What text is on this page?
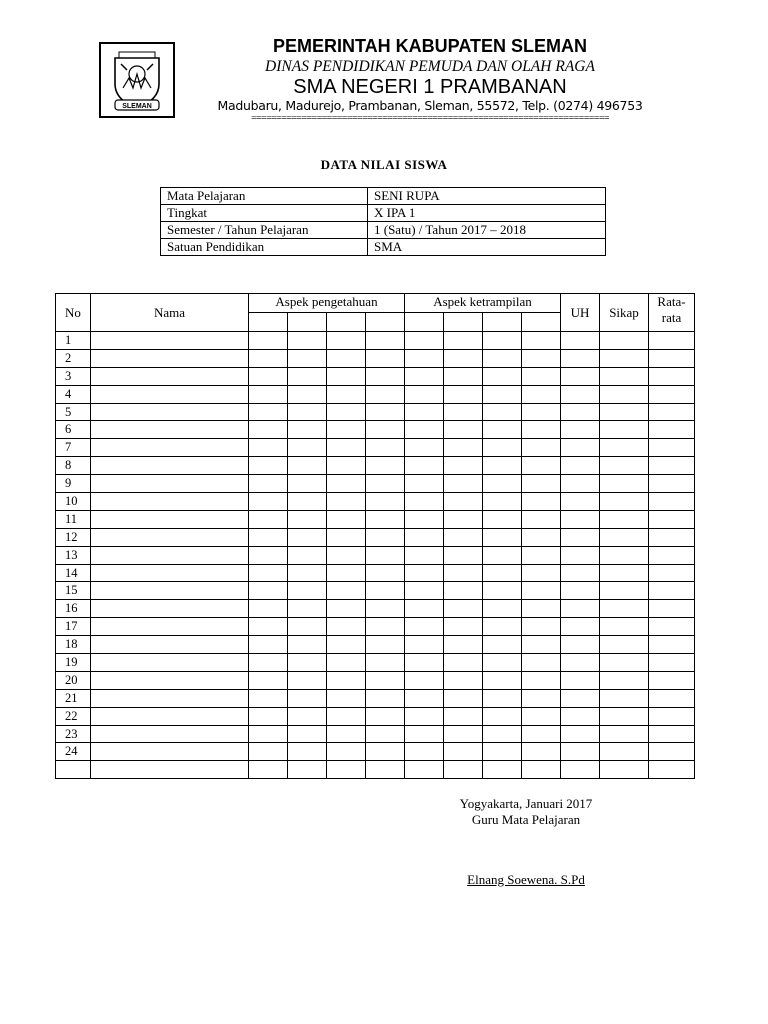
SLEMAN
PEMERINTAH KABUPATEN SLEMAN
DINAS PENDIDIKAN PEMUDA DAN OLAH RAGA
SMA NEGERI 1 PRAMBANAN
Madubaru, Madurejo, Prambanan, Sleman, 55572, Telp. (0274) 496753
=======================================================================
DATA NILAI SISWA
Mata Pelajaran	SENI RUPA
Tingkat	X IPA 1
Semester / Tahun Pelajaran	1 (Satu) / Tahun 2017 – 2018
Satuan Pendidikan	SMA
No	Nama	Aspek pengetahuan				Aspek ketrampilan				UH	Sikap	Rata-
rata

1												
2												
3												
4												
5												
6												
7												
8												
9												
10												
11												
12												
13												
14												
15												
16												
17												
18												
19												
20												
21												
22												
23												
24												

Yogyakarta, Januari 2017
Guru Mata Pelajaran
Elnang Soewena. S.Pd
